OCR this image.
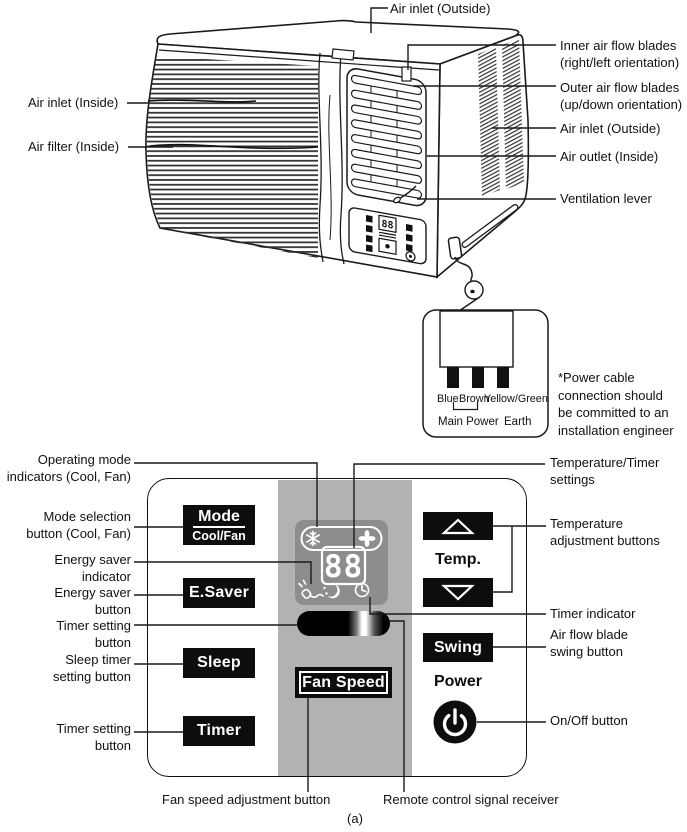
88
Air inlet (Outside)
Air inlet (Inside)
Air filter (Inside)
Inner air flow blades
(right/left orientation)
Outer air flow blades
(up/down orientation)
Air inlet (Outside)
Air outlet (Inside)
Ventilation lever
Blue Brown
Yellow/Green
Main Power Earth
*Power cable
connection should
be committed to an
installation engineer
Mode
Cool/Fan
E.Saver
Sleep
Timer
88
Fan Speed
Temp.
Swing
Power
Operating mode
indicators (Cool, Fan)
Mode selection
button (Cool, Fan)
Energy saver
indicator
Energy saver
button
Timer setting
button
Sleep timer
setting button
Timer setting
button
Temperature/Timer
settings
Temperature
adjustment buttons
Timer indicator
Air flow blade
swing button
On/Off button
Fan speed adjustment button	Remote control signal receiver
(a)
